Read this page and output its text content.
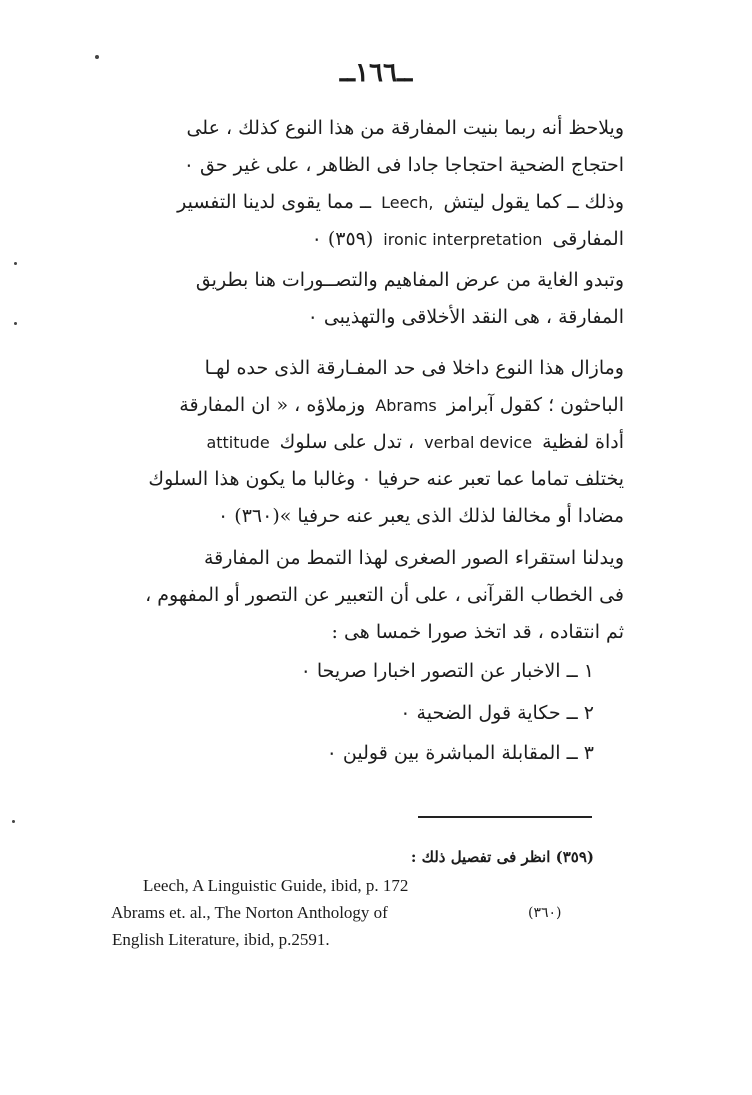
ــ١٦٦ــ
ويلاحظ أنه ربما بنيت المفارقة من هذا النوع كذلك ، على
احتجاج الضحية احتجاجا جادا فى الظاهر ، على غير حق ٠
وذلك ــ كما يقول ليتشLeech,ــ مما يقوى لدينا التفسير
المفارقىironic interpretation(٣٥٩) ٠
وتبدو الغاية من عرض المفاهيم والتصــورات هنا بطريق
المفارقة ، هى النقد الأخلاقى والتهذيبى ٠
ومازال هذا النوع داخلا فى حد المفـارقة الذى حده لهـا
الباحثون ؛ كقول آبرامزAbramsوزملاؤه ، « ان المفارقة
أداة لفظيةverbal device، تدل على سلوكattitude
يختلف تماما عما تعبر عنه حرفيا ٠ وغالبا ما يكون هذا السلوك
مضادا أو مخالفا لذلك الذى يعبر عنه حرفيا »(٣٦٠) ٠
ويدلنا استقراء الصور الصغرى لهذا التمط من المفارقة
فى الخطاب القرآنى ، على أن التعبير عن التصور أو المفهوم ،
ثم انتقاده ، قد اتخذ صورا خمسا هى :
١ ــ الاخبار عن التصور اخبارا صريحا ٠
٢ ــ حكاية قول الضحية ٠
٣ ــ المقابلة المباشرة بين قولين ٠
(٣٥٩) انظر فى تفصيل ذلك :
Leech, A Linguistic Guide, ibid, p. 172
Abrams et. al., The Norton Anthology of	(٣٦٠)
English Literature, ibid, p.2591.
